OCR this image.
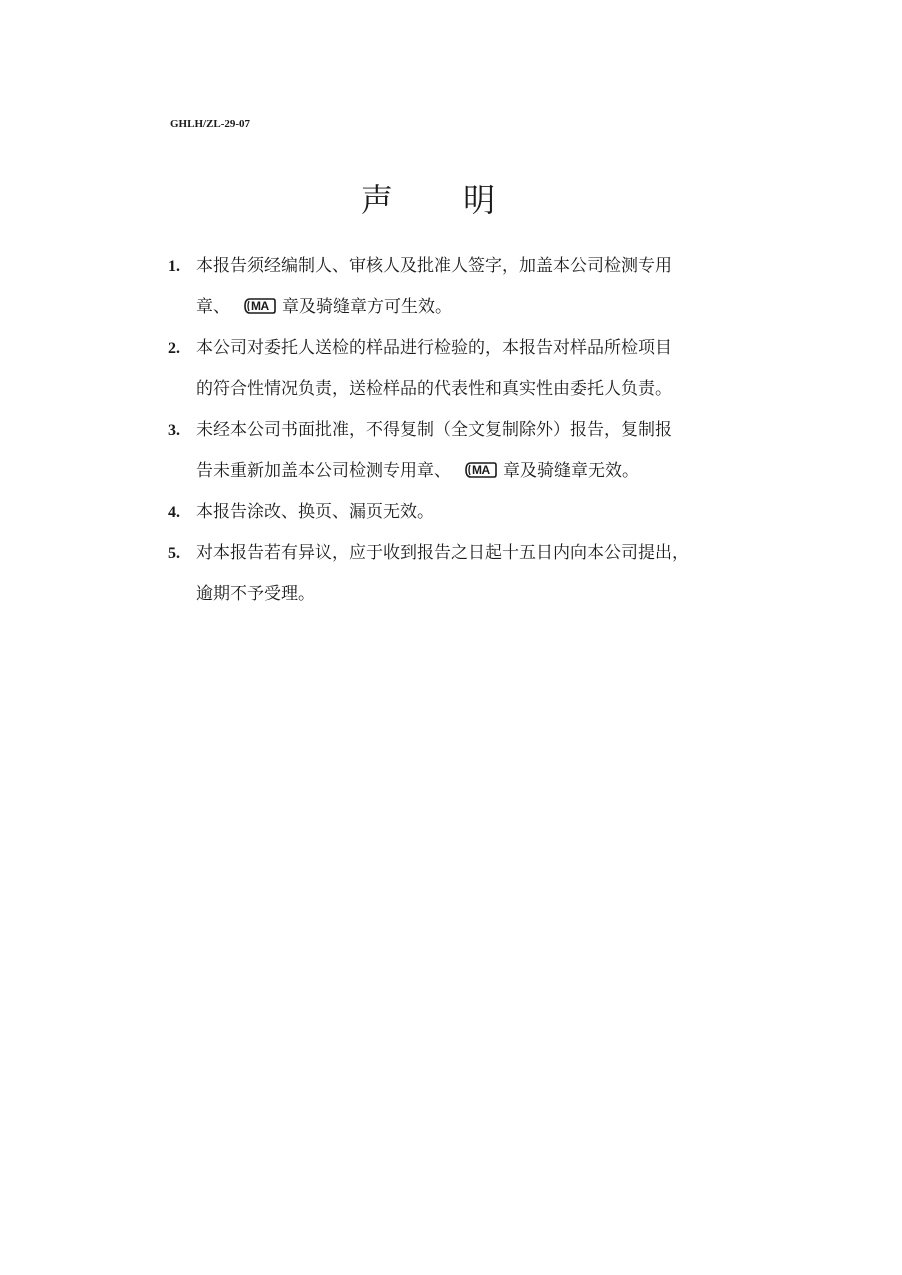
GHLH/ZL-29-07
声 明
1. 本报告须经编制人、审核人及批准人签字，加盖本公司检测专用
章、 MA 章及骑缝章方可生效。
2. 本公司对委托人送检的样品进行检验的，本报告对样品所检项目
的符合性情况负责，送检样品的代表性和真实性由委托人负责。
3. 未经本公司书面批准，不得复制（全文复制除外）报告，复制报
告未重新加盖本公司检测专用章、 MA 章及骑缝章无效。
4. 本报告涂改、换页、漏页无效。
5. 对本报告若有异议，应于收到报告之日起十五日内向本公司提出，
逾期不予受理。
